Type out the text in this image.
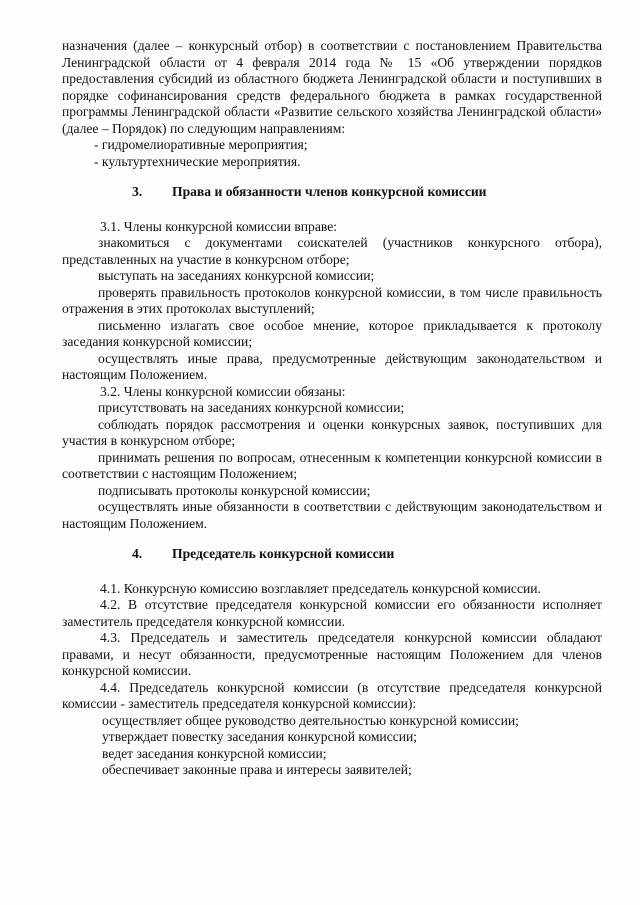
назначения (далее – конкурсный отбор) в соответствии с постановлением Правительства Ленинградской области от 4 февраля 2014 года № 15 «Об утверждении порядков предоставления субсидий из областного бюджета Ленинградской области и поступивших в порядке софинансирования средств федерального бюджета в рамках государственной программы Ленинградской области «Развитие сельского хозяйства Ленинградской области» (далее – Порядок) по следующим направлениям:

- гидромелиоративные мероприятия;

- культуртехнические мероприятия.

3. Права и обязанности членов конкурсной комиссии

3.1. Члены конкурсной комиссии вправе:

знакомиться с документами соискателей (участников конкурсного отбора), представленных на участие в конкурсном отборе;

выступать на заседаниях конкурсной комиссии;

проверять правильность протоколов конкурсной комиссии, в том числе правильность отражения в этих протоколах выступлений;

письменно излагать свое особое мнение, которое прикладывается к протоколу заседания конкурсной комиссии;

осуществлять иные права, предусмотренные действующим законодательством и настоящим Положением.

3.2. Члены конкурсной комиссии обязаны:

присутствовать на заседаниях конкурсной комиссии;

соблюдать порядок рассмотрения и оценки конкурсных заявок, поступивших для участия в конкурсном отборе;

принимать решения по вопросам, отнесенным к компетенции конкурсной комиссии в соответствии с настоящим Положением;

подписывать протоколы конкурсной комиссии;

осуществлять иные обязанности в соответствии с действующим законодательством и настоящим Положением.

4. Председатель конкурсной комиссии

4.1. Конкурсную комиссию возглавляет председатель конкурсной комиссии.

4.2. В отсутствие председателя конкурсной комиссии его обязанности исполняет заместитель председателя конкурсной комиссии.

4.3. Председатель и заместитель председателя конкурсной комиссии обладают правами, и несут обязанности, предусмотренные настоящим Положением для членов конкурсной комиссии.

4.4. Председатель конкурсной комиссии (в отсутствие председателя конкурсной комиссии - заместитель председателя конкурсной комиссии):

осуществляет общее руководство деятельностью конкурсной комиссии;

утверждает повестку заседания конкурсной комиссии;

ведет заседания конкурсной комиссии;

обеспечивает законные права и интересы заявителей;
